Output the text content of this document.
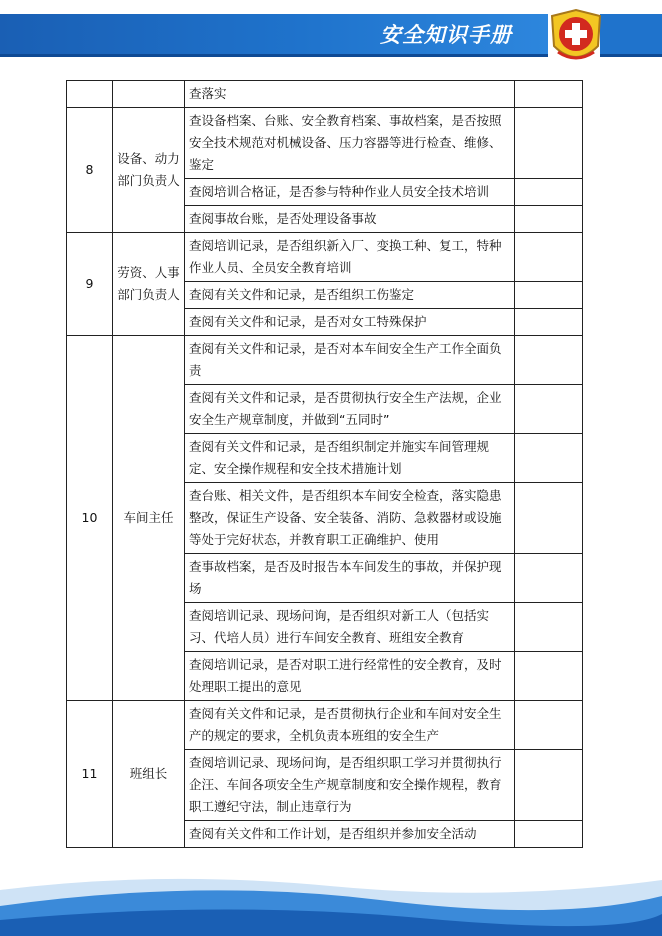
安全知识手册
		查落实	
8	设备、动力部门负责人	查设备档案、台账、安全教育档案、事故档案，是否按照安全技术规范对机械设备、压力容器等进行检查、维修、鉴定	
		查阅培训合格证，是否参与特种作业人员安全技术培训	
		查阅事故台账，是否处理设备事故	
9	劳资、人事部门负责人	查阅培训记录，是否组织新入厂、变换工种、复工，特种作业人员、全员安全教育培训	
		查阅有关文件和记录，是否组织工伤鉴定	
		查阅有关文件和记录，是否对女工特殊保护	
10	车间主任	查阅有关文件和记录，是否对本车间安全生产工作全面负责	
		查阅有关文件和记录，是否贯彻执行安全生产法规，企业安全生产规章制度，并做到“五同时”	
		查阅有关文件和记录，是否组织制定并施实车间管理规定、安全操作规程和安全技术措施计划	
		查台账、相关文件，是否组织本车间安全检查，落实隐患整改，保证生产设备、安全装备、消防、急救器材或设施等处于完好状态，并教育职工正确维护、使用	
		查事故档案，是否及时报告本车间发生的事故，并保护现场	
		查阅培训记录、现场问询，是否组织对新工人（包括实习、代培人员）进行车间安全教育、班组安全教育	
		查阅培训记录，是否对职工进行经常性的安全教育，及时处理职工提出的意见	
11	班组长	查阅有关文件和记录，是否贯彻执行企业和车间对安全生产的规定的要求，全机负责本班组的安全生产	
		查阅培训记录、现场问询，是否组织职工学习并贯彻执行企汪、车间各项安全生产规章制度和安全操作规程，教育职工遵纪守法，制止违章行为	
		查阅有关文件和工作计划，是否组织并参加安全活动	
